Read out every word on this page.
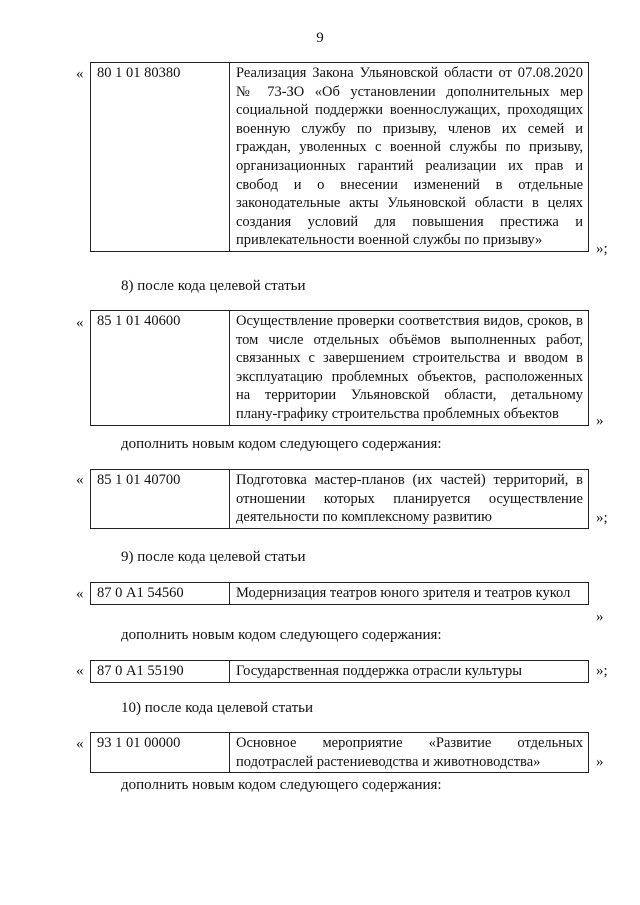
9
« 80 1 01 80380	Реализация Закона Ульяновской области от 07.08.2020 № 73-ЗО «Об установлении дополнительных мер социальной поддержки военнослужащих, проходящих военную службу по призыву, членов их семей и граждан, уволенных с военной службы по призыву, организационных гарантий реализации их прав и свобод и о внесении изменений в отдельные законодательные акты Ульяновской области в целях создания условий для повышения престижа и привлекательности военной службы по призыву»
»;
8) после кода целевой статьи
« 85 1 01 40600	Осуществление проверки соответствия видов, сроков, в том числе отдельных объёмов выполненных работ, связанных с завершением строительства и вводом в эксплуатацию проблемных объектов, расположенных на территории Ульяновской области, детальному плану-графику строительства проблемных объектов »
дополнить новым кодом следующего содержания:
« 85 1 01 40700	Подготовка мастер-планов (их частей) территорий, в отношении которых планируется осуществление деятельности по комплексному развитию	»;
9) после кода целевой статьи
« 87 0 А1 54560	Модернизация театров юного зрителя и театров кукол
»
дополнить новым кодом следующего содержания:
« 87 0 А1 55190	Государственная поддержка отрасли культуры	»;
10) после кода целевой статьи
« 93 1 01 00000	Основное мероприятие «Развитие отдельных подотраслей растениеводства и животноводства»	»
дополнить новым кодом следующего содержания:
